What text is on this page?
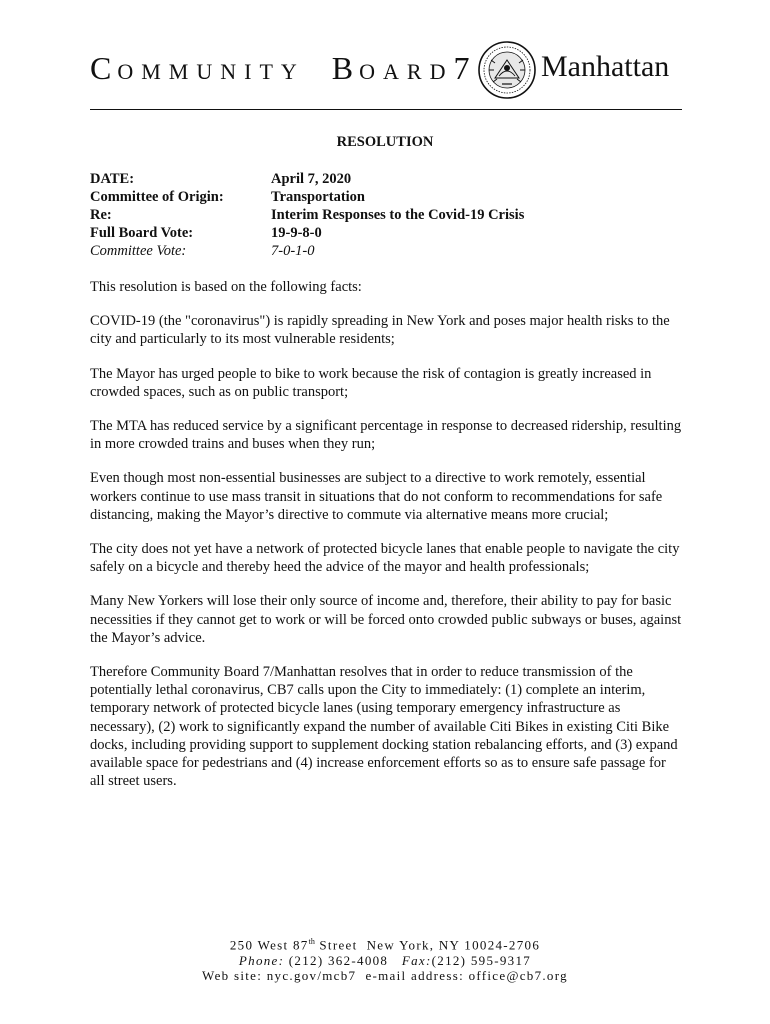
COMMUNITY BOARD7 Manhattan
RESOLUTION
DATE:	April 7, 2020
Committee of Origin:	Transportation
Re:	Interim Responses to the Covid-19 Crisis
Full Board Vote:	19-9-8-0
Committee Vote:	7-0-1-0

This resolution is based on the following facts:

COVID-19 (the "coronavirus") is rapidly spreading in New York and poses major health risks to the city and particularly to its most vulnerable residents;

The Mayor has urged people to bike to work because the risk of contagion is greatly increased in crowded spaces, such as on public transport;

The MTA has reduced service by a significant percentage in response to decreased ridership, resulting in more crowded trains and buses when they run;

Even though most non-essential businesses are subject to a directive to work remotely, essential workers continue to use mass transit in situations that do not conform to recommendations for safe distancing, making the Mayor’s directive to commute via alternative means more crucial;

The city does not yet have a network of protected bicycle lanes that enable people to navigate the city safely on a bicycle and thereby heed the advice of the mayor and health professionals;

Many New Yorkers will lose their only source of income and, therefore, their ability to pay for basic necessities if they cannot get to work or will be forced onto crowded public subways or buses, against the Mayor’s advice.

Therefore Community Board 7/Manhattan resolves that in order to reduce transmission of the potentially lethal coronavirus, CB7 calls upon the City to immediately: (1) complete an interim, temporary network of protected bicycle lanes (using temporary emergency infrastructure as necessary), (2) work to significantly expand the number of available Citi Bikes in existing Citi Bike docks, including providing support to supplement docking station rebalancing efforts, and (3) expand available space for pedestrians and (4) increase enforcement efforts so as to ensure safe passage for all street users.

250 West 87th Street  New York, NY 10024-2706
Phone: (212) 362-4008   Fax:(212) 595-9317
Web site: nyc.gov/mcb7  e-mail address: office@cb7.org
